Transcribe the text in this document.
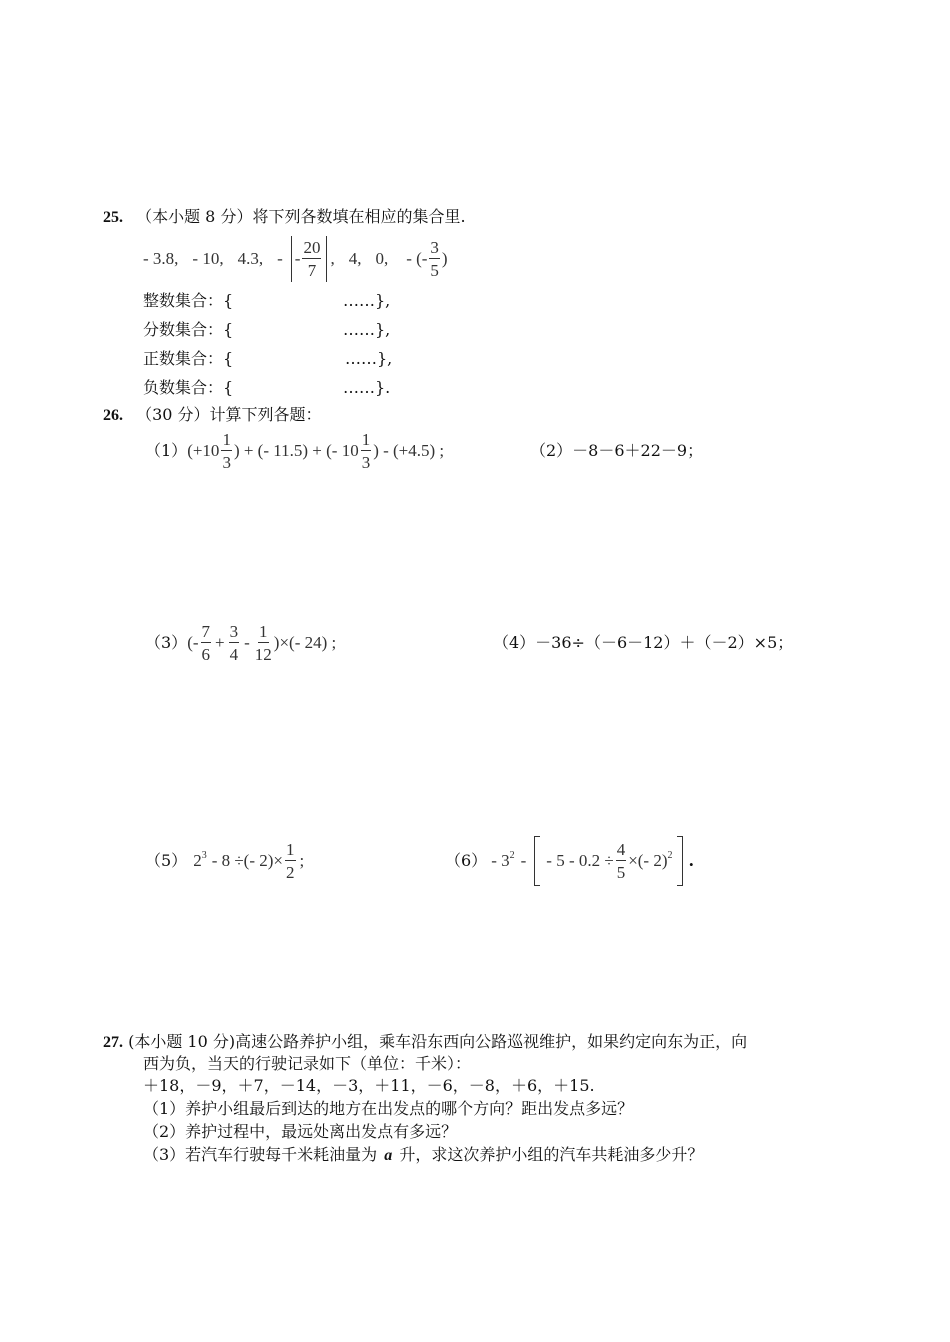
25. （本小题 8 分）将下列各数填在相应的集合里.
- 3.8, - 10, 4.3, - - $\frac{20}{7}$ , 4, 0, - (- $\frac{3}{5}$ )
整数集合：{	……},
分数集合：{	……},
正数集合：{	……},
负数集合：{	……}.
26. （30 分）计算下列各题：
（1） ($+10 \frac{1}{3}$ ) + (- 11.5) + (- $10 \frac{1}{3}$ ) - (+4.5) ;	（2）－8－6＋22－9；
（3） (- $\frac{7}{6} + \frac{3}{4} - \frac{1}{12}$ )×(- 24) ;	（4）－36÷（－6－12）＋（－2）×5；
（5） $2^3 - 8$ ÷(- $2)\times \frac{1}{2}$ ;	$(6) - 3^2$ - - $5 - 0.2 \div \frac{4}{5}$ ×(- 2)$^2$ .
27. (本小题 10 分)高速公路养护小组，乘车沿东西向公路巡视维护，如果约定向东为正，向
西为负，当天的行驶记录如下（单位：千米）：
＋18，－9，＋7，－14，－3，＋11，－6，－8，＋6，＋15.
（1）养护小组最后到达的地方在出发点的哪个方向？距出发点多远？
（2）养护过程中，最远处离出发点有多远？
（3）若汽车行驶每千米耗油量为 a 升，求这次养护小组的汽车共耗油多少升？
